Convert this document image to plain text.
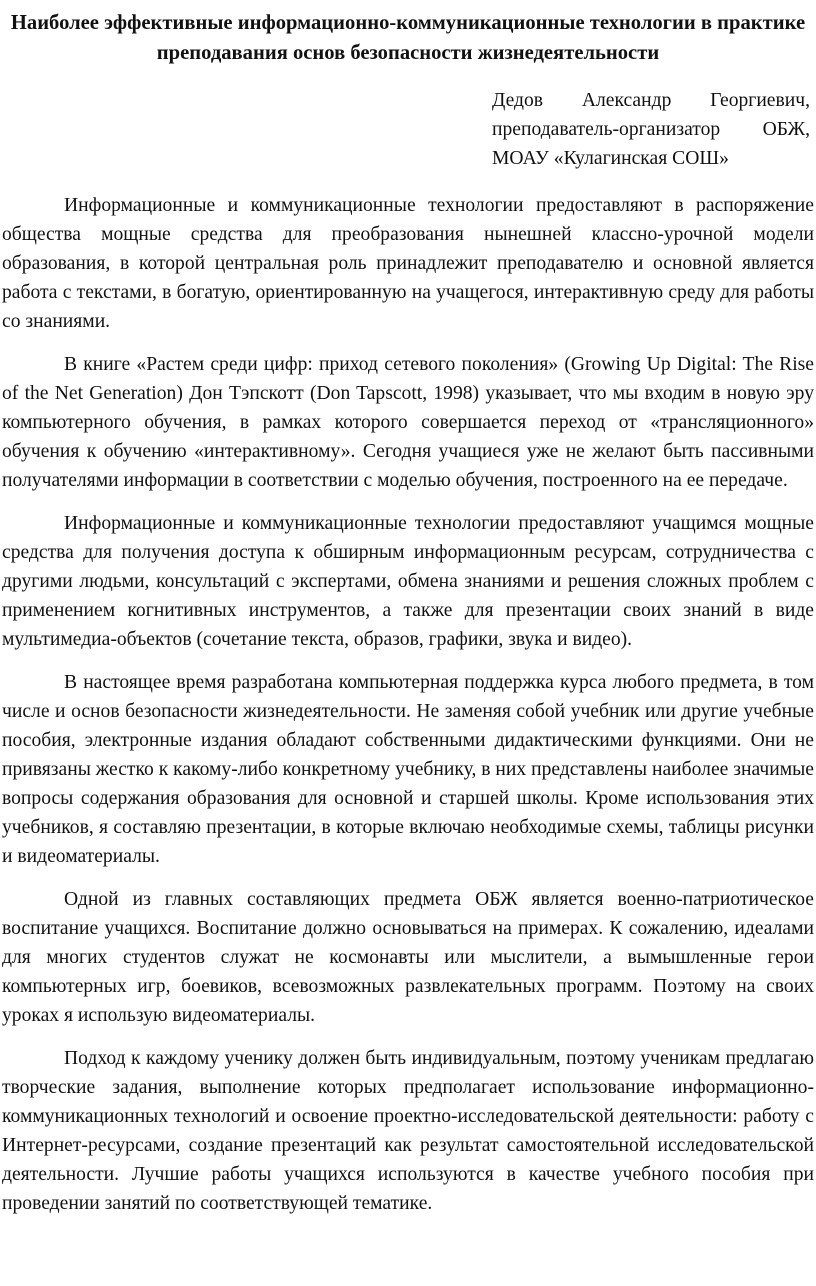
Наиболее эффективные информационно-коммуникационные технологии в практике преподавания основ безопасности жизнедеятельности
Дедов Александр Георгиевич,
преподаватель-организатор ОБЖ,
МОАУ «Кулагинская СОШ»

Информационные и коммуникационные технологии предоставляют в распоряжение общества мощные средства для преобразования нынешней классно-урочной модели образования, в которой центральная роль принадлежит преподавателю и основной является работа с текстами, в богатую, ориентированную на учащегося, интерактивную среду для работы со знаниями.

В книге «Растем среди цифр: приход сетевого поколения» (Growing Up Digital: The Rise of the Net Generation) Дон Тэпскотт (Don Tapscott, 1998) указывает, что мы входим в новую эру компьютерного обучения, в рамках которого совершается переход от «трансляционного» обучения к обучению «интерактивному». Сегодня учащиеся уже не желают быть пассивными получателями информации в соответствии с моделью обучения, построенного на ее передаче.

Информационные и коммуникационные технологии предоставляют учащимся мощные средства для получения доступа к обширным информационным ресурсам, сотрудничества с другими людьми, консультаций с экспертами, обмена знаниями и решения сложных проблем с применением когнитивных инструментов, а также для презентации своих знаний в виде мультимедиа-объектов (сочетание текста, образов, графики, звука и видео).

В настоящее время разработана компьютерная поддержка курса любого предмета, в том числе и основ безопасности жизнедеятельности. Не заменяя собой учебник или другие учебные пособия, электронные издания обладают собственными дидактическими функциями. Они не привязаны жестко к какому-либо конкретному учебнику, в них представлены наиболее значимые вопросы содержания образования для основной и старшей школы. Кроме использования этих учебников, я составляю презентации, в которые включаю необходимые схемы, таблицы рисунки и видеоматериалы.

Одной из главных составляющих предмета ОБЖ является военно-патриотическое воспитание учащихся. Воспитание должно основываться на примерах. К сожалению, идеалами для многих студентов служат не космонавты или мыслители, а вымышленные герои компьютерных игр, боевиков, всевозможных развлекательных программ. Поэтому на своих уроках я использую видеоматериалы.

Подход к каждому ученику должен быть индивидуальным, поэтому ученикам предлагаю творческие задания, выполнение которых предполагает использование информационно-коммуникационных технологий и освоение проектно-исследовательской деятельности: работу с Интернет-ресурсами, создание презентаций как результат самостоятельной исследовательской деятельности. Лучшие работы учащихся используются в качестве учебного пособия при проведении занятий по соответствующей тематике.
